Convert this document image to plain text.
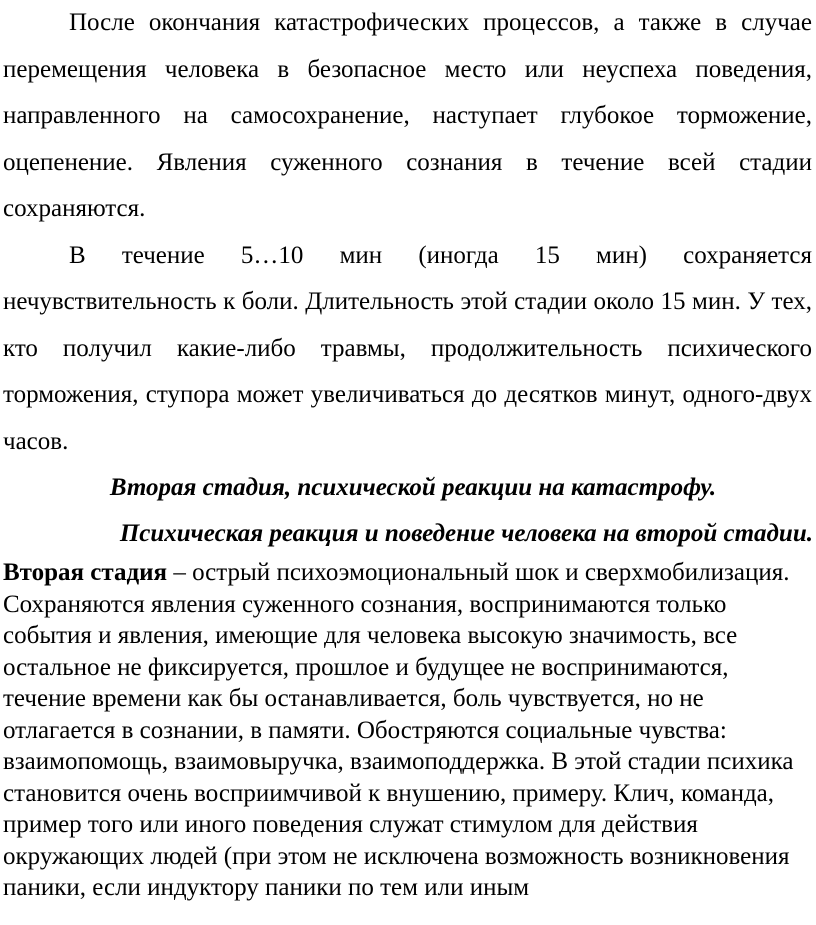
После окончания катастрофических процессов, а также в случае перемещения человека в безопасное место или неуспеха поведения, направленного на самосохранение, наступает глубокое торможение, оцепенение. Явления суженного сознания в течение всей стадии сохраняются.

В течение 5…10 мин (иногда 15 мин) сохраняется нечувствительность к боли. Длительность этой стадии около 15 мин. У тех, кто получил какие-либо травмы, продолжительность психического торможения, ступора может увеличиваться до десятков минут, одного-двух часов.

Вторая стадия, психической реакции на катастрофу.

Психическая реакция и поведение человека на второй стадии.

Вторая стадия – острый психоэмоциональный шок и сверхмобилизация. Сохраняются явления суженного сознания, воспринимаются только события и явления, имеющие для человека высокую значимость, все остальное не фиксируется, прошлое и будущее не воспринимаются, течение времени как бы останавливается, боль чувствуется, но не отлагается в сознании, в памяти. Обостряются социальные чувства: взаимопомощь, взаимовыручка, взаимоподдержка. В этой стадии психика становится очень восприимчивой к внушению, примеру. Клич, команда, пример того или иного поведения служат стимулом для действия окружающих людей (при этом не исключена возможность возникновения паники, если индуктору паники по тем или иным
